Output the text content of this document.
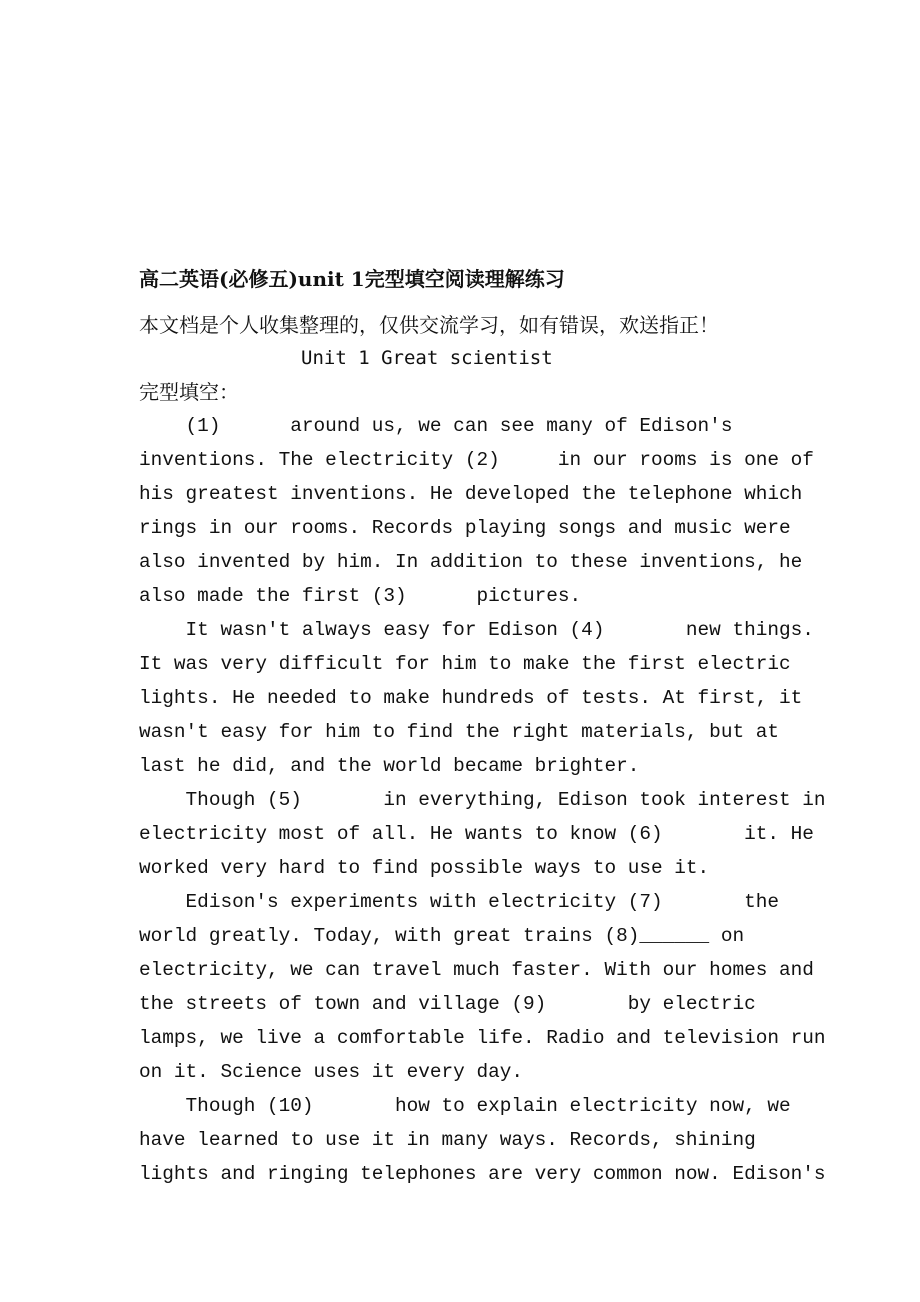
高二英语(必修五)unit 1完型填空阅读理解练习
本文档是个人收集整理的，仅供交流学习，如有错误，欢送指正！
Unit 1 Great scientist
完型填空：
(1)      around us, we can see many of Edison's
inventions. The electricity (2)     in our rooms is one of
his greatest inventions. He developed the telephone which
rings in our rooms. Records playing songs and music were
also invented by him. In addition to these inventions, he
also made the first (3)      pictures.
It wasn't always easy for Edison (4)       new things.
It was very difficult for him to make the first electric
lights. He needed to make hundreds of tests. At first, it
wasn't easy for him to find the right materials, but at
last he did, and the world became brighter.
Though (5)       in everything, Edison took interest in
electricity most of all. He wants to know (6)       it. He
worked very hard to find possible ways to use it.
Edison's experiments with electricity (7)       the
world greatly. Today, with great trains (8)______ on
electricity, we can travel much faster. With our homes and
the streets of town and village (9)       by electric
lamps, we live a comfortable life. Radio and television run
on it. Science uses it every day.
Though (10)       how to explain electricity now, we
have learned to use it in many ways. Records, shining
lights and ringing telephones are very common now. Edison's
